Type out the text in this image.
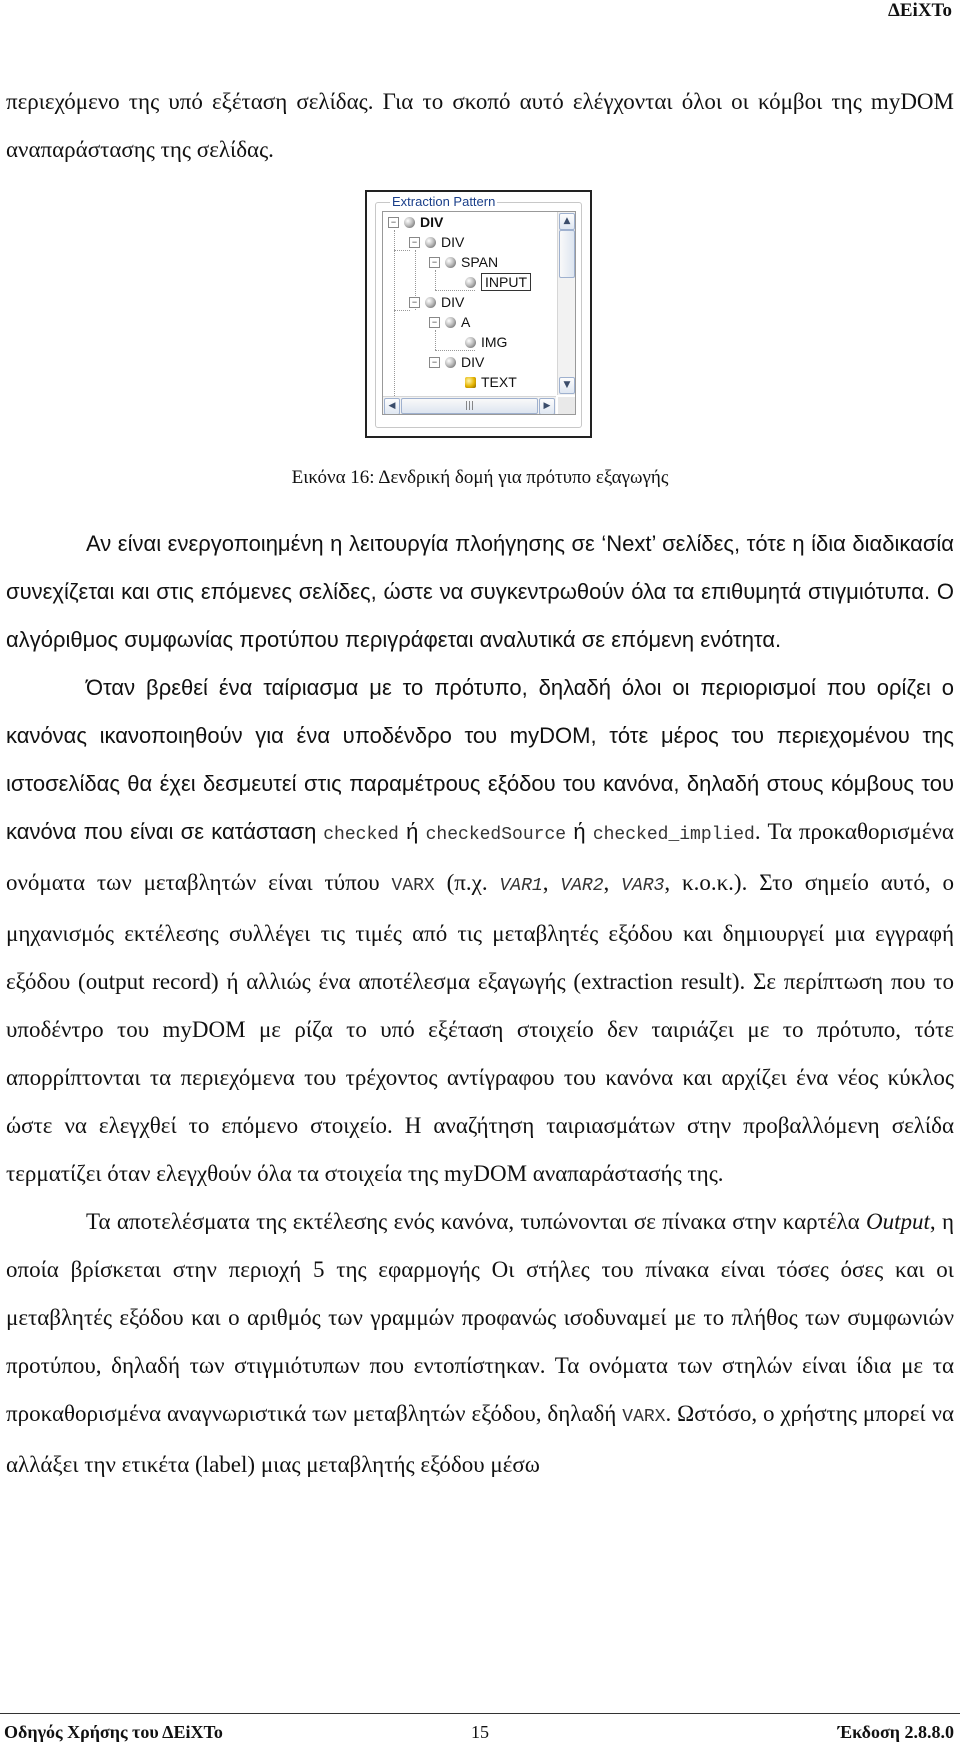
ΔΕiΧΤο

περιεχόμενο της υπό εξέταση σελίδας. Για το σκοπό αυτό ελέγχονται όλοι οι κόμβοι της myDOM αναπαράστασης της σελίδας.

Extraction Pattern
− DIV
− DIV
− SPAN
INPUT
− DIV
− A
IMG
− DIV
TEXT
▲
▼
◀	|||	▶
Εικόνα 16: Δενδρική δομή για πρότυπο εξαγωγής

Αν είναι ενεργοποιημένη η λειτουργία πλοήγησης σε ‘Next’ σελίδες, τότε η ίδια διαδικασία συνεχίζεται και στις επόμενες σελίδες, ώστε να συγκεντρωθούν όλα τα επιθυμητά στιγμιότυπα. Ο αλγόριθμος συμφωνίας προτύπου περιγράφεται αναλυτικά σε επόμενη ενότητα.

Όταν βρεθεί ένα ταίριασμα με το πρότυπο, δηλαδή όλοι οι περιορισμοί που ορίζει ο κανόνας ικανοποιηθούν για ένα υποδένδρο του myDOM, τότε μέρος του περιεχομένου της ιστοσελίδας θα έχει δεσμευτεί στις παραμέτρους εξόδου του κανόνα, δηλαδή στους κόμβους του κανόνα που είναι σε κατάσταση checked ή checkedSource ή checked_implied. Τα προκαθορισμένα ονόματα των μεταβλητών είναι τύπου VARX (π.χ. VAR1, VAR2, VAR3, κ.ο.κ.). Στο σημείο αυτό, ο μηχανισμός εκτέλεσης συλλέγει τις τιμές από τις μεταβλητές εξόδου και δημιουργεί μια εγγραφή εξόδου (output record) ή αλλιώς ένα αποτέλεσμα εξαγωγής (extraction result). Σε περίπτωση που το υποδέντρο του myDOM με ρίζα το υπό εξέταση στοιχείο δεν ταιριάζει με το πρότυπο, τότε απορρίπτονται τα περιεχόμενα του τρέχοντος αντίγραφου του κανόνα και αρχίζει ένα νέος κύκλος ώστε να ελεγχθεί το επόμενο στοιχείο. Η αναζήτηση ταιριασμάτων στην προβαλλόμενη σελίδα τερματίζει όταν ελεγχθούν όλα τα στοιχεία της myDOM αναπαράστασής της.

Τα αποτελέσματα της εκτέλεσης ενός κανόνα, τυπώνονται σε πίνακα στην καρτέλα Output, η οποία βρίσκεται στην περιοχή 5 της εφαρμογής Οι στήλες του πίνακα είναι τόσες όσες και οι μεταβλητές εξόδου και ο αριθμός των γραμμών προφανώς ισοδυναμεί με το πλήθος των συμφωνιών προτύπου, δηλαδή των στιγμιότυπων που εντοπίστηκαν. Τα ονόματα των στηλών είναι ίδια με τα προκαθορισμένα αναγνωριστικά των μεταβλητών εξόδου, δηλαδή VARX. Ωστόσο, ο χρήστης μπορεί να αλλάξει την ετικέτα (label) μιας μεταβλητής εξόδου μέσω

Οδηγός Χρήσης του ΔΕiΧΤο	15	Έκδοση 2.8.8.0
